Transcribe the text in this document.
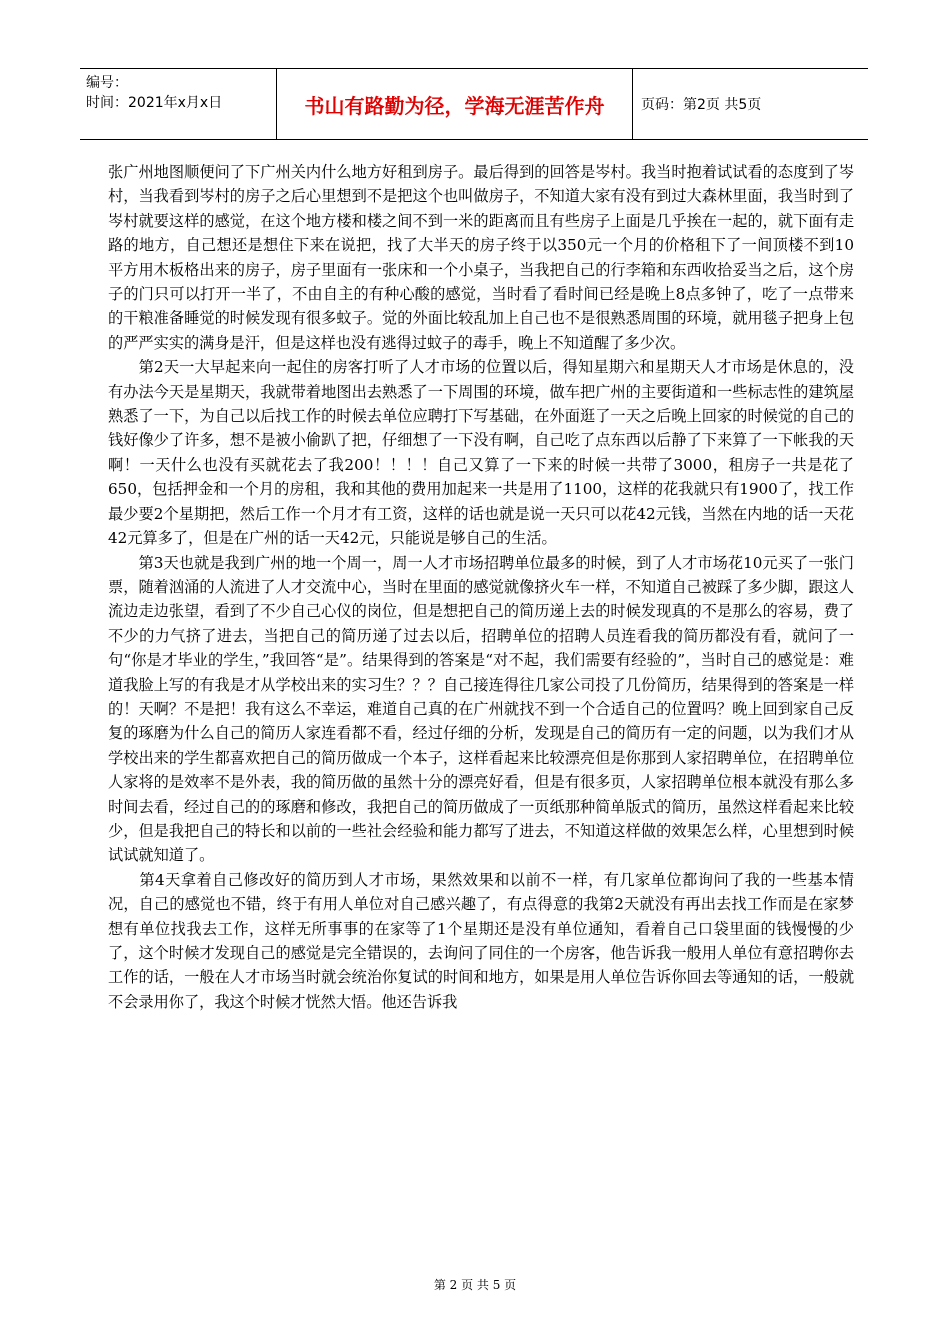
编号：
时间：2021年x月x日	书山有路勤为径，学海无涯苦作舟	页码：第2页 共5页

张广州地图顺便问了下广州关内什么地方好租到房子。最后得到的回答是岑村。我当时抱着试试看的态度到了岑村，当我看到岑村的房子之后心里想到不是把这个也叫做房子，不知道大家有没有到过大森林里面，我当时到了岑村就要这样的感觉，在这个地方楼和楼之间不到一米的距离而且有些房子上面是几乎挨在一起的，就下面有走路的地方，自己想还是想住下来在说把，找了大半天的房子终于以350元一个月的价格租下了一间顶楼不到10平方用木板格出来的房子，房子里面有一张床和一个小桌子，当我把自己的行李箱和东西收拾妥当之后，这个房子的门只可以打开一半了，不由自主的有种心酸的感觉，当时看了看时间已经是晚上8点多钟了，吃了一点带来的干粮准备睡觉的时候发现有很多蚊子。觉的外面比较乱加上自己也不是很熟悉周围的环境，就用毯子把身上包的严严实实的满身是汗，但是这样也没有逃得过蚊子的毒手，晚上不知道醒了多少次。

　　第2天一大早起来向一起住的房客打听了人才市场的位置以后，得知星期六和星期天人才市场是休息的，没有办法今天是星期天，我就带着地图出去熟悉了一下周围的环境，做车把广州的主要街道和一些标志性的建筑屋熟悉了一下，为自己以后找工作的时候去单位应聘打下写基础，在外面逛了一天之后晚上回家的时候觉的自己的钱好像少了许多，想不是被小偷趴了把，仔细想了一下没有啊，自己吃了点东西以后静了下来算了一下帐我的天啊！一天什么也没有买就花去了我200！！！！自己又算了一下来的时候一共带了3000，租房子一共是花了650，包括押金和一个月的房租，我和其他的费用加起来一共是用了1100，这样的花我就只有1900了，找工作最少要2个星期把，然后工作一个月才有工资，这样的话也就是说一天只可以花42元钱，当然在内地的话一天花42元算多了，但是在广州的话一天42元，只能说是够自己的生活。

　　第3天也就是我到广州的地一个周一，周一人才市场招聘单位最多的时候，到了人才市场花10元买了一张门票，随着汹涌的人流进了人才交流中心，当时在里面的感觉就像挤火车一样，不知道自己被踩了多少脚，跟这人流边走边张望，看到了不少自己心仪的岗位，但是想把自己的简历递上去的时候发现真的不是那么的容易，费了不少的力气挤了进去，当把自己的简历递了过去以后，招聘单位的招聘人员连看我的简历都没有看，就问了一句“你是才毕业的学生，”我回答“是”。结果得到的答案是“对不起，我们需要有经验的”，当时自己的感觉是：难道我脸上写的有我是才从学校出来的实习生？？？自己接连得往几家公司投了几份简历，结果得到的答案是一样的！天啊？不是把！我有这么不幸运，难道自己真的在广州就找不到一个合适自己的位置吗？晚上回到家自己反复的琢磨为什么自己的简历人家连看都不看，经过仔细的分析，发现是自己的简历有一定的问题，以为我们才从学校出来的学生都喜欢把自己的简历做成一个本子，这样看起来比较漂亮但是你那到人家招聘单位，在招聘单位人家将的是效率不是外表，我的简历做的虽然十分的漂亮好看，但是有很多页，人家招聘单位根本就没有那么多时间去看，经过自己的的琢磨和修改，我把自己的简历做成了一页纸那种简单版式的简历，虽然这样看起来比较少，但是我把自己的特长和以前的一些社会经验和能力都写了进去，不知道这样做的效果怎么样，心里想到时候试试就知道了。

　　第4天拿着自己修改好的简历到人才市场，果然效果和以前不一样，有几家单位都询问了我的一些基本情况，自己的感觉也不错，终于有用人单位对自己感兴趣了，有点得意的我第2天就没有再出去找工作而是在家梦想有单位找我去工作，这样无所事事的在家等了1个星期还是没有单位通知，看着自己口袋里面的钱慢慢的少了，这个时候才发现自己的感觉是完全错误的，去询问了同住的一个房客，他告诉我一般用人单位有意招聘你去工作的话，一般在人才市场当时就会统治你复试的时间和地方，如果是用人单位告诉你回去等通知的话，一般就不会录用你了，我这个时候才恍然大悟。他还告诉我

第 2 页 共 5 页
